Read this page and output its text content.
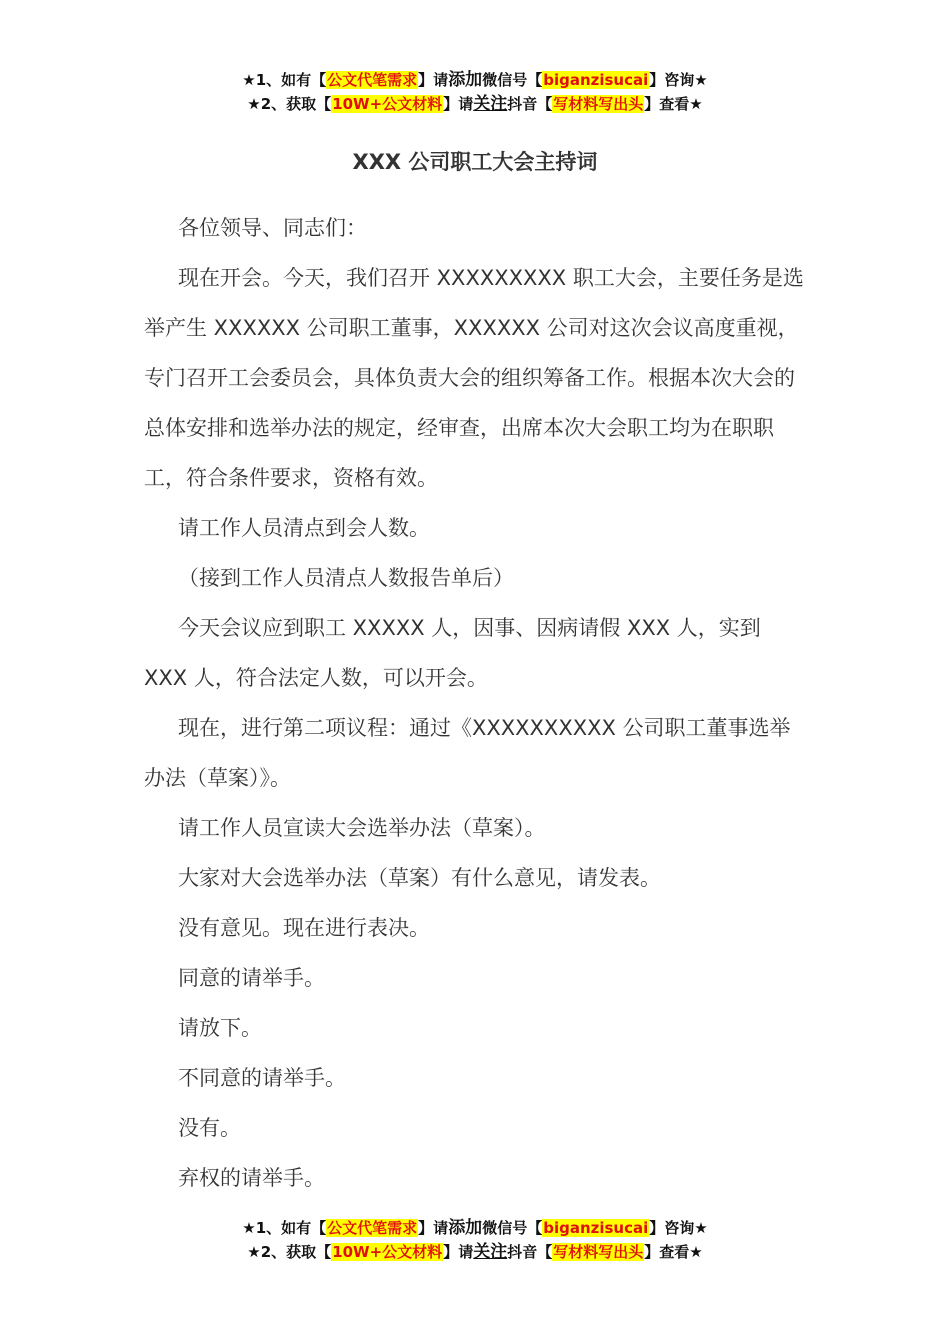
★1、如有【公文代笔需求】请添加微信号【biganzisucai】咨询★
★2、获取【10W+公文材料】请关注抖音【写材料写出头】查看★
XXX 公司职工大会主持词

各位领导、同志们：

现在开会。今天，我们召开 XXXXXXXXX 职工大会，主要任务是选举产生 XXXXXX 公司职工董事，XXXXXX 公司对这次会议高度重视，专门召开工会委员会，具体负责大会的组织筹备工作。根据本次大会的总体安排和选举办法的规定，经审查，出席本次大会职工均为在职职工，符合条件要求，资格有效。

请工作人员清点到会人数。

（接到工作人员清点人数报告单后）

今天会议应到职工 XXXXX 人，因事、因病请假 XXX 人，实到 XXX 人，符合法定人数，可以开会。

现在，进行第二项议程：通过《XXXXXXXXXX 公司职工董事选举办法（草案）》。

请工作人员宣读大会选举办法（草案）。

大家对大会选举办法（草案）有什么意见，请发表。

没有意见。现在进行表决。

同意的请举手。

请放下。

不同意的请举手。

没有。

弃权的请举手。

★1、如有【公文代笔需求】请添加微信号【biganzisucai】咨询★
★2、获取【10W+公文材料】请关注抖音【写材料写出头】查看★
